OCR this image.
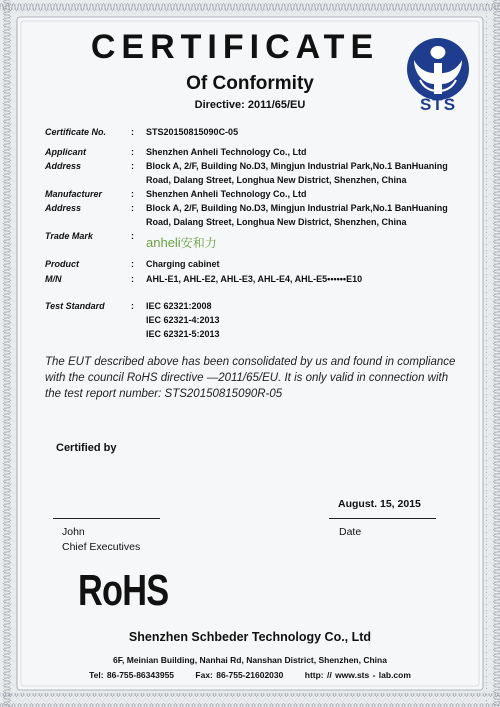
CERTIFICATE
Of Conformity
Directive: 2011/65/EU	STS
Certificate No.	: STS20150815090C-05
Applicant	: Shenzhen Anheli Technology Co., Ltd
Address	: Block A, 2/F, Building No.D3, Mingjun Industrial Park,No.1 BanHuaning Road, Dalang Street, Longhua New District, Shenzhen, China
Manufacturer	: Shenzhen Anheli Technology Co., Ltd
Address	: Block A, 2/F, Building No.D3, Mingjun Industrial Park,No.1 BanHuaning Road, Dalang Street, Longhua New District, Shenzhen, China
Trade Mark	: anheli安和力
Product	: Charging cabinet
M/N	: AHL-E1, AHL-E2, AHL-E3, AHL-E4, AHL-E5••••••E10
Test Standard	: IEC 62321:2008
IEC 62321-4:2013
IEC 62321-5:2013
The EUT described above has been consolidated by us and found in compliance with the council RoHS directive —2011/65/EU. It is only valid in connection with the test report number: STS20150815090R-05
Certified by
August. 15, 2015
John
Chief Executives
Date
RoHS
Shenzhen Schbeder Technology Co., Ltd
6F, Meinian Building, Nanhai Rd, Nanshan District, Shenzhen, China
Tel: 86-755-86343955	Fax: 86-755-21602030	http: // www.sts - lab.com
